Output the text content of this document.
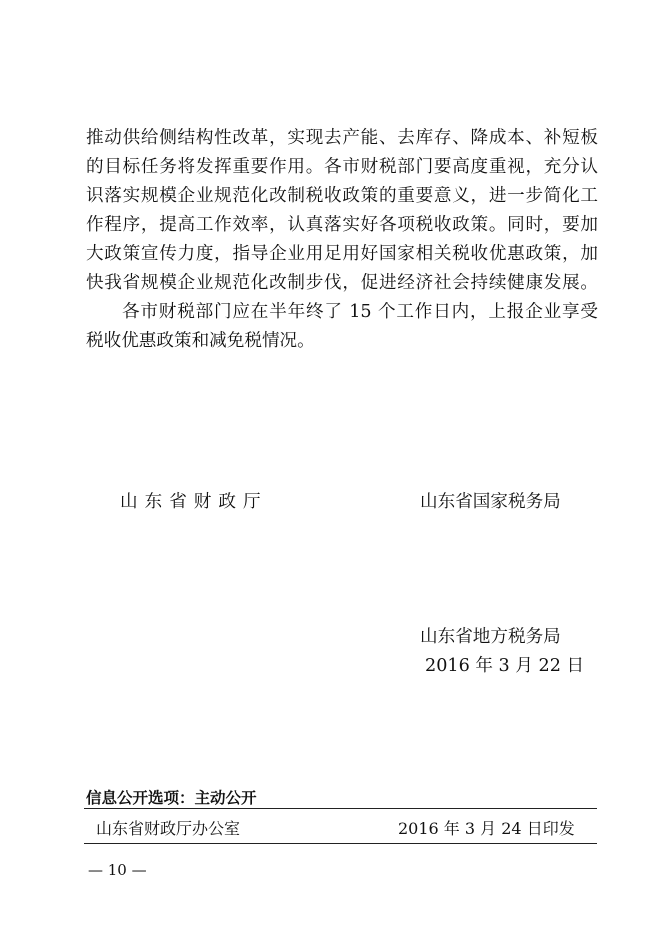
推动供给侧结构性改革，实现去产能、去库存、降成本、补短板
的目标任务将发挥重要作用。各市财税部门要高度重视，充分认
识落实规模企业规范化改制税收政策的重要意义，进一步简化工
作程序，提高工作效率，认真落实好各项税收政策。同时，要加
大政策宣传力度，指导企业用足用好国家相关税收优惠政策，加
快我省规模企业规范化改制步伐，促进经济社会持续健康发展。
各市财税部门应在半年终了 15 个工作日内，上报企业享受
税收优惠政策和减免税情况。
山东省财政厅	山东省国家税务局
山东省地方税务局
2016 年 3 月 22 日
信息公开选项：主动公开
山东省财政厅办公室	2016 年 3 月 24 日印发
— 10 —
